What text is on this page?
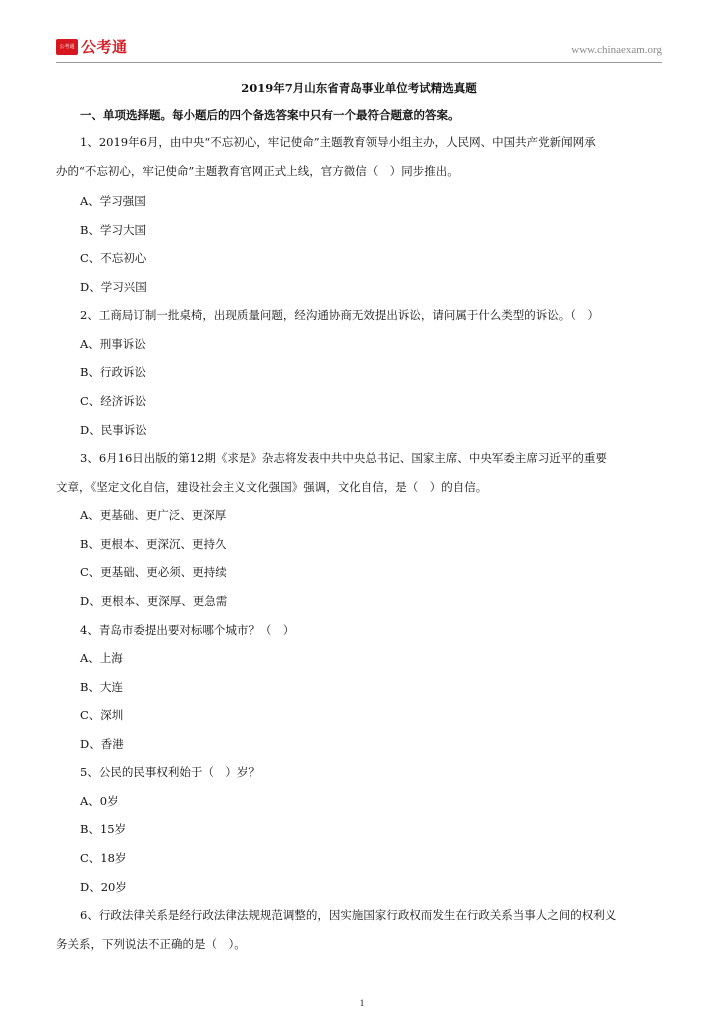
公考通 公考通	www.chinaexam.org
2019年7月山东省青岛事业单位考试精选真题
一、单项选择题。每小题后的四个备选答案中只有一个最符合题意的答案。
1、2019年6月，由中央“不忘初心，牢记使命”主题教育领导小组主办，人民网、中国共产党新闻网承
办的“不忘初心，牢记使命”主题教育官网正式上线，官方微信（　）同步推出。
A、学习强国
B、学习大国
C、不忘初心
D、学习兴国
2、工商局订制一批桌椅，出现质量问题，经沟通协商无效提出诉讼，请问属于什么类型的诉讼。（　）
A、刑事诉讼
B、行政诉讼
C、经济诉讼
D、民事诉讼
3、6月16日出版的第12期《求是》杂志将发表中共中央总书记、国家主席、中央军委主席习近平的重要
文章，《坚定文化自信，建设社会主义文化强国》强调，文化自信，是（　）的自信。
A、更基础、更广泛、更深厚
B、更根本、更深沉、更持久
C、更基础、更必须、更持续
D、更根本、更深厚、更急需
4、青岛市委提出要对标哪个城市？（　）
A、上海
B、大连
C、深圳
D、香港
5、公民的民事权利始于（　）岁？
A、0岁
B、15岁
C、18岁
D、20岁
6、行政法律关系是经行政法律法规规范调整的，因实施国家行政权而发生在行政关系当事人之间的权利义
务关系，下列说法不正确的是（　）。
1
